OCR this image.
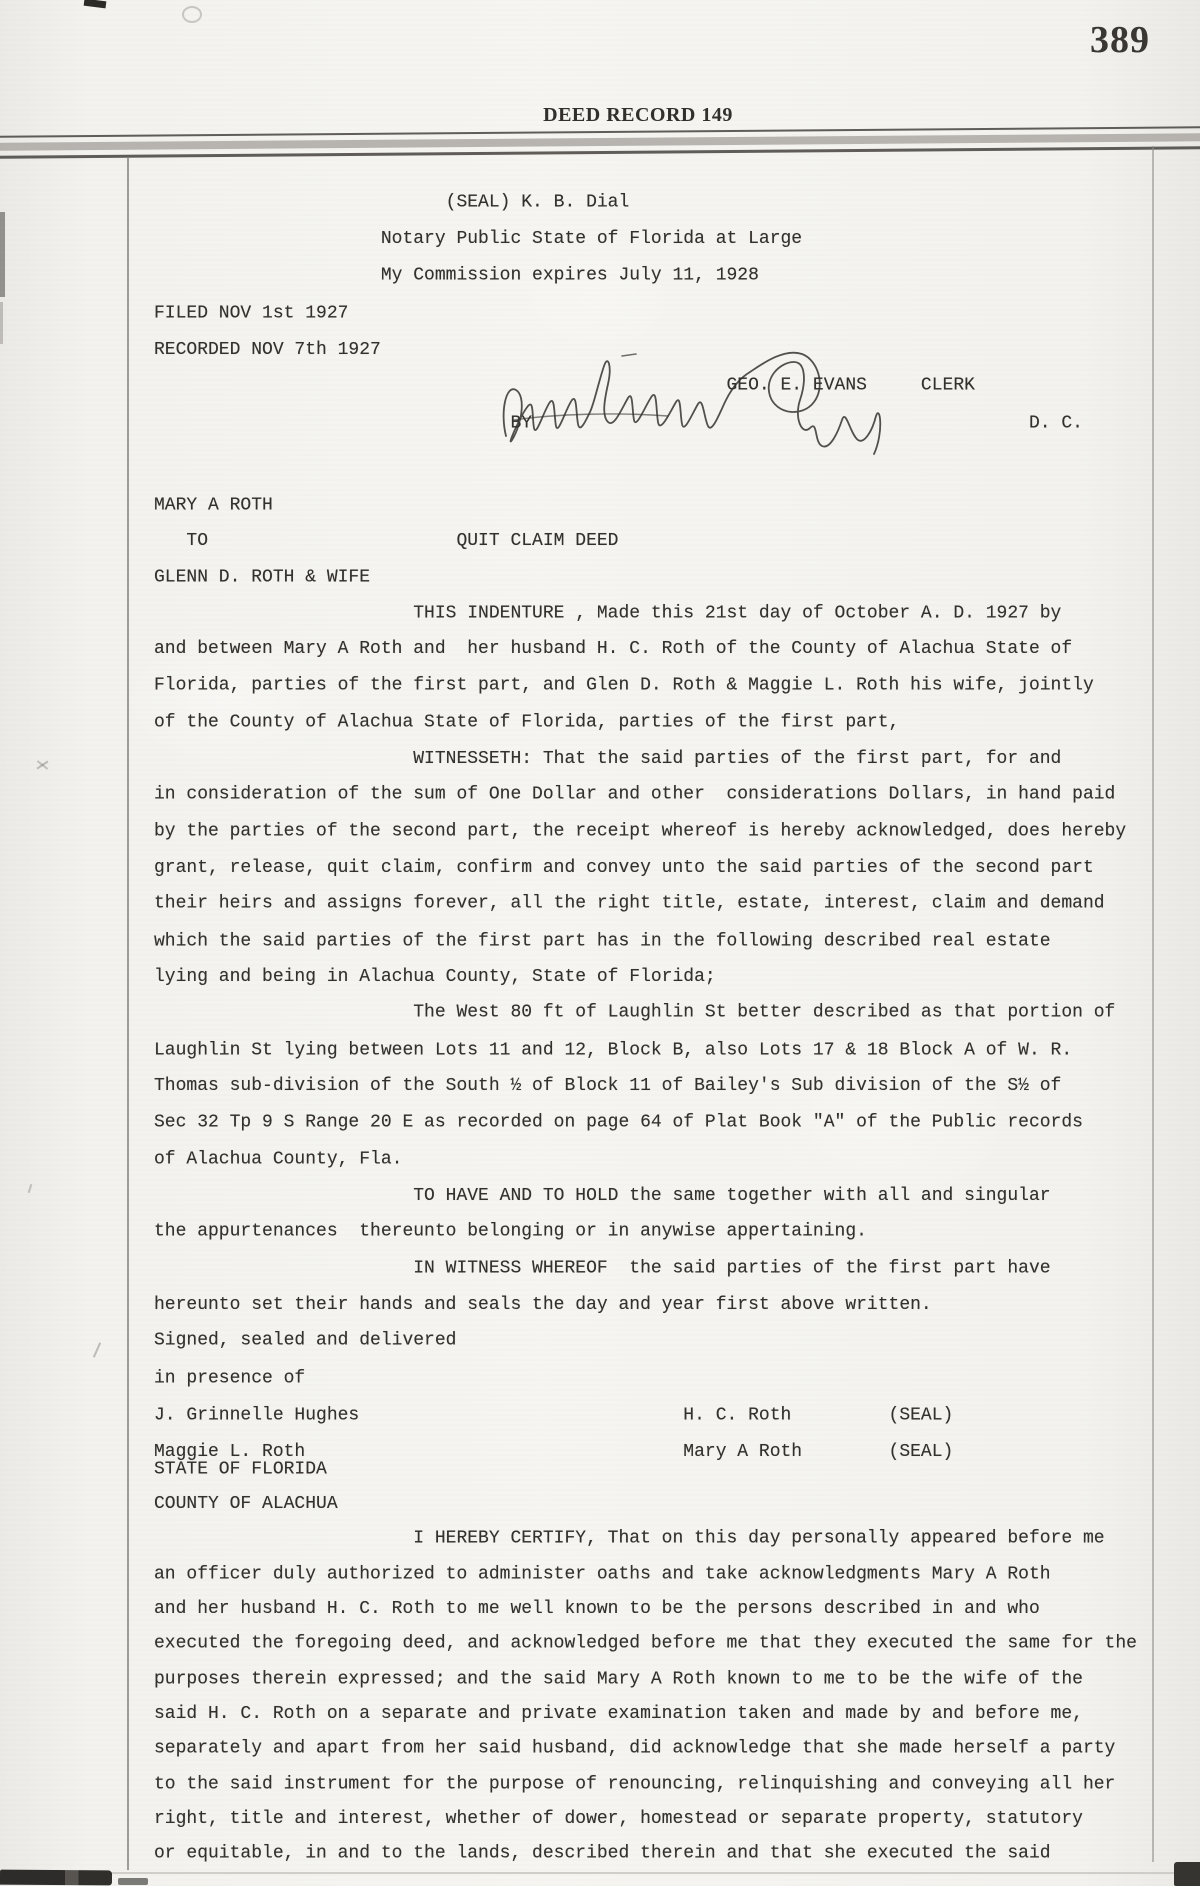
389
DEED RECORD 149
(SEAL) K. B. Dial
Notary Public State of Florida at Large
My Commission expires July 11, 1928
FILED NOV 1st 1927
RECORDED NOV 7th 1927
GEO. E. EVANS     CLERK
BY                                              D. C.
MARY A ROTH
TO                       QUIT CLAIM DEED
GLENN D. ROTH & WIFE
THIS INDENTURE , Made this 21st day of October A. D. 1927 by
and between Mary A Roth and  her husband H. C. Roth of the County of Alachua State of
Florida, parties of the first part, and Glen D. Roth & Maggie L. Roth his wife, jointly
of the County of Alachua State of Florida, parties of the first part,
WITNESSETH: That the said parties of the first part, for and
in consideration of the sum of One Dollar and other  considerations Dollars, in hand paid
by the parties of the second part, the receipt whereof is hereby acknowledged, does hereby
grant, release, quit claim, confirm and convey unto the said parties of the second part
their heirs and assigns forever, all the right title, estate, interest, claim and demand
which the said parties of the first part has in the following described real estate
lying and being in Alachua County, State of Florida;
The West 80 ft of Laughlin St better described as that portion of
Laughlin St lying between Lots 11 and 12, Block B, also Lots 17 & 18 Block A of W. R.
Thomas sub-division of the South ½ of Block 11 of Bailey's Sub division of the S½ of
Sec 32 Tp 9 S Range 20 E as recorded on page 64 of Plat Book "A" of the Public records
of Alachua County, Fla.
TO HAVE AND TO HOLD the same together with all and singular
the appurtenances  thereunto belonging or in anywise appertaining.
IN WITNESS WHEREOF  the said parties of the first part have
hereunto set their hands and seals the day and year first above written.
Signed, sealed and delivered
in presence of
J. Grinnelle Hughes                              H. C. Roth         (SEAL)
Maggie L. Roth                                   Mary A Roth        (SEAL)
STATE OF FLORIDA
COUNTY OF ALACHUA
I HEREBY CERTIFY, That on this day personally appeared before me
an officer duly authorized to administer oaths and take acknowledgments Mary A Roth
and her husband H. C. Roth to me well known to be the persons described in and who
executed the foregoing deed, and acknowledged before me that they executed the same for the
purposes therein expressed; and the said Mary A Roth known to me to be the wife of the
said H. C. Roth on a separate and private examination taken and made by and before me,
separately and apart from her said husband, did acknowledge that she made herself a party
to the said instrument for the purpose of renouncing, relinquishing and conveying all her
right, title and interest, whether of dower, homestead or separate property, statutory
or equitable, in and to the lands, described therein and that she executed the said
